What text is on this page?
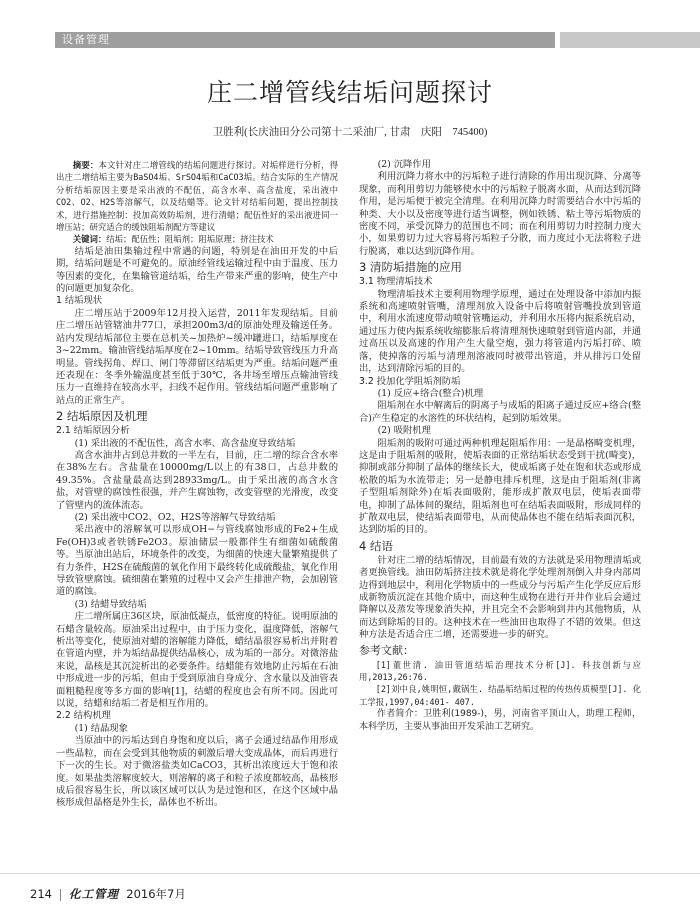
设备管理
庄二增管线结垢问题探讨
卫胜利(长庆油田分公司第十二采油厂, 甘肃　庆阳　745400)

摘要：本文针对庄二增管线的结垢问题进行探讨。对垢样进行分析，得出庄二增结垢主要为BaSO4垢、SrSO4垢和CaCO3垢。结合实际的生产情况分析结垢原因主要是采出液的不配伍，高含水率、高含盐度，采出液中CO2、O2、H2S等溶解气，以及结蜡等。论文针对结垢问题，提出控制技术，进行措施控制：投加高效防垢剂，进行清蜡；配伍性好的采出液进同一增压站；研究适合的缓蚀阻垢剂配方等建议

关键词：结垢；配伍性；阻垢剂；阻垢原理；挤注技术

结垢是油田集输过程中常遇的问题，特别是在油田开发的中后期，结垢问题是不可避免的。原油经管线运输过程中由于温度、压力等因素的变化，在集输管道结垢，给生产带来严重的影响，使生产中的问题更加复杂化。

1 结垢现状

庄二增压站于2009年12月投入运营，2011年发现结垢。目前庄二增压站管辖油井77口，承担200m3/d的原油处理及输送任务。站内发现结垢部位主要在总机关~加热炉~缓冲罐进口，结垢厚度在3~22mm。输油管线结垢厚度在2~10mm。结垢导致管线压力升高明显。管线拐角、焊口、闸门等滞留区结垢更为严重。结垢问题严重还表现在：冬季外输温度甚至低于30℃，各井场至增压点输油管线压力一直维持在较高水平，扫线不起作用。管线结垢问题严重影响了站点的正常生产。

2 结垢原因及机理

2.1 结垢原因分析

(1) 采出液的不配伍性，高含水率、高含盐度导致结垢

高含水油井占到总井数的一半左右，目前，庄二增的综合含水率在38%左右。含盐量在10000mg/L以上的有38口，占总井数的49.35%。含盐量最高达到28933mg/L。由于采出液的高含水含盐，对管壁的腐蚀性很强，并产生腐蚀物，改变管壁的光滑度，改变了管壁内的流体流态。

(2) 采出液中CO2、O2、H2S等溶解气导致结垢

采出液中的溶解氧可以形成OH−与管线腐蚀形成的Fe2+生成Fe(OH)3或者铁锈Fe2O3。原油储层一般都伴生有细菌如硫酸菌等。当原油出站后，环境条件的改变，为细菌的快速大量繁殖提供了有力条件，H2S在硫酸菌的氧化作用下最终转化成硫酸盐，氧化作用导致管壁腐蚀。硫细菌在繁殖的过程中又会产生排泄产物，会加剧管道的腐蚀。

(3) 结蜡导致结垢

庄二增所属庄36区块，原油低凝点，低密度的特征。说明原油的石蜡含量较高。原油采出过程中，由于压力变化，温度降低，溶解气析出等变化，使原油对蜡的溶解能力降低，蜡结晶很容易析出并附着在管道内壁，并为垢结晶提供结晶核心，成为垢的一部分。对微溶盐来说，晶核是其沉淀析出的必要条件。结蜡能有效地防止污垢在石油中形成进一步的污垢，但由于受到原油自身成分、含水量以及油管表面粗糙程度等多方面的影响[1]，结蜡的程度也会有所不同。因此可以说，结蜡和结垢二者是相互作用的。

2.2 结构机理

(1) 结晶现象

当原油中的污垢达到自身饱和度以后，离子会通过结晶作用形成一些晶粒，而在会受到其他物质的刺激后增大变成晶体，而后再进行下一次的生长。对于微溶盐类如CaCO3，其析出浓度远大于饱和浓度。如果盐类溶解度较大，则溶解的离子和粒子浓度都较高，晶核形成后很容易生长，所以该区域可以认为是过饱和区，在这个区域中晶核形成但晶格是外生长，晶体也不析出。

(2) 沉降作用

利用沉降力将水中的污垢粒子进行清除的作用出现沉降、分离等现象，而利用剪切力能够使水中的污垢粒子脱离水面，从而达到沉降作用，是污垢便于被完全清理。在利用沉降力时需要结合水中污垢的种类、大小以及密度等进行适当调整，例如铁锈、粘土等污垢物质的密度不同，承受沉降力的范围也不同；而在利用剪切力时控制力度大小，如果剪切力过大容易将污垢粒子分散，而力度过小无法将粒子进行脱离，难以达到沉降作用。

3 清防垢措施的应用

3.1 物理清垢技术

物理清垢技术主要利用物理学原理，通过在处理设备中添加内振系统和高速喷射管嘴，清理剂放入设备中后将喷射管嘴投放到管道中，利用水流速度带动喷射管嘴运动，并利用水压将内振系统启动，通过压力使内振系统收缩膨胀后将清理剂快速喷射到管道内部，并通过高压以及高速的作用产生大量空炮，强力将管道内污垢打碎、喷落，使掉落的污垢与清理剂溶液同时被带出管道，并从排污口处留出，达到清除污垢的目的。

3.2 投加化学阻垢剂防垢

(1) 反应+络合(整合)机理

阻垢剂在水中解离后的阴离子与成垢的阳离子通过反应+络合(整合)产生稳定的水溶性的环状结构，起到防垢效果。

(2) 吸附机理

阻垢剂的吸附可通过两种机理起阻垢作用：一是晶格畸变机理，这是由于阻垢剂的吸附，使垢表面的正常结垢状态受到干扰(畸变)，抑制或部分抑制了晶体的继续长大，使成垢离子处在饱和状态或形成松散的垢为水流带走；另一是静电排斥机理，这是由于阻垢剂(非离子型阻垢剂除外)在垢表面吸附，能形成扩散双电层，使垢表面带电，抑制了晶体间的聚结，阻垢剂也可在结垢表面吸附，形成同样的扩散双电层，使结垢表面带电，从而使晶体也不能在结垢表面沉积，达到防垢的目的。

4 结语

针对庄二增的结垢情况，目前最有效的方法就是采用物理清垢或者更换管线。油田防垢挤注技术就是将化学处理剂剂倒入井身内部周边得到地层中，利用化学物质中的一些成分与污垢产生化学反应后形成新物质沉淀在其他介质中，而这种生成物在进行开井作业后会通过降解以及蒸发等现象消失掉，并且完全不会影响到井内其他物质，从而达到除垢的目的。这种技术在一些油田也取得了不错的效果。但这种方法是否适合庄二增，还需要进一步的研究。

参考文献：

[1]董世清. 油田管道结垢治理技术分析[J]. 科技创新与应用,2013,26:76.

[2]刘中良,姚明恒,戴锅生. 结晶垢结垢过程的传热传质模型[J]. 化工学报,1997,04:401- 407.

作者简介：卫胜利(1989-)，男，河南省平顶山人，助理工程师，本科学历，主要从事油田开发采油工艺研究。

214 化工管理 2016年7月
